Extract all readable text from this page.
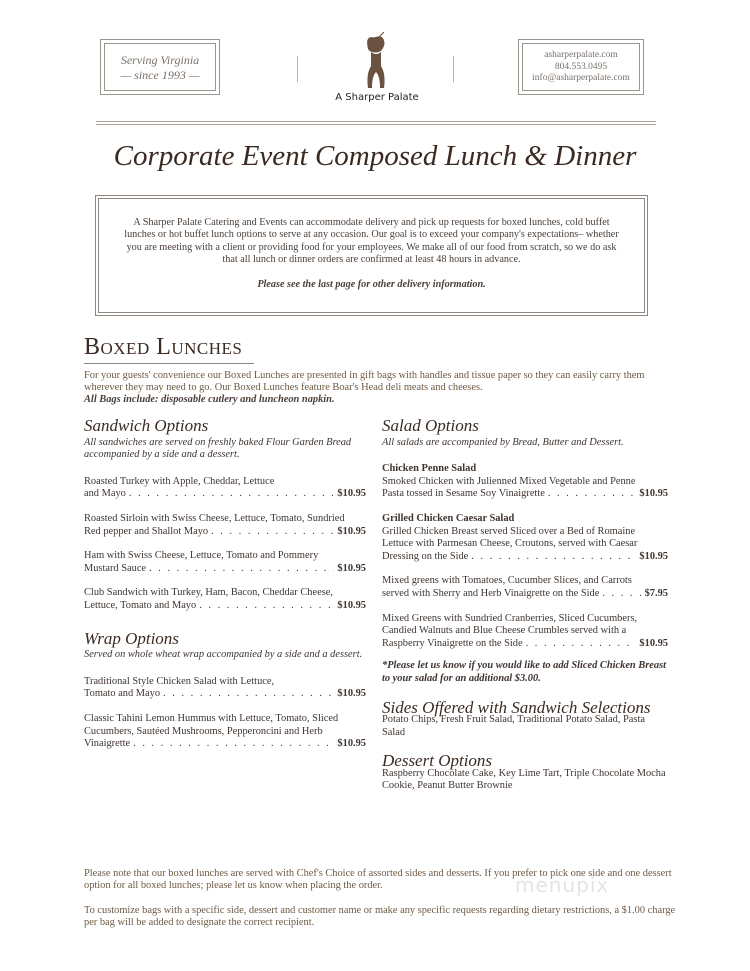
Serving Virginia
— since 1993 —
A Sharper Palate
asharperpalate.com
804.553.0495
info@asharperpalate.com
Corporate Event Composed Lunch & Dinner
A Sharper Palate Catering and Events can accommodate delivery and pick up requests for boxed lunches, cold buffet lunches or hot buffet lunch options to serve at any occasion. Our goal is to exceed your company's expectations– whether you are meeting with a client or providing food for your employees. We make all of our food from scratch, so we do ask that all lunch or dinner orders are confirmed at least 48 hours in advance.
Please see the last page for other delivery information.
Boxed Lunches
For your guests' convenience our Boxed Lunches are presented in gift bags with handles and tissue paper so they can easily carry them wherever they may need to go. Our Boxed Lunches feature Boar's Head deli meats and cheeses.
All Bags include: disposable cutlery and luncheon napkin.
Sandwich Options
All sandwiches are served on freshly baked Flour Garden Bread accompanied by a side and a dessert.
Roasted Turkey with Apple, Cheddar, Lettuce
and Mayo . . .	$10.95
Roasted Sirloin with Swiss Cheese, Lettuce, Tomato, Sundried
Red pepper and Shallot Mayo . . .	$10.95
Ham with Swiss Cheese, Lettuce, Tomato and Pommery
Mustard Sauce . . .	$10.95
Club Sandwich with Turkey, Ham, Bacon, Cheddar Cheese,
Lettuce, Tomato and Mayo . . .	$10.95
Wrap Options
Served on whole wheat wrap accompanied by a side and a dessert.
Traditional Style Chicken Salad with Lettuce,
Tomato and Mayo . . .	$10.95
Classic Tahini Lemon Hummus with Lettuce, Tomato, Sliced Cucumbers, Sautéed Mushrooms, Pepperoncini and Herb
Vinaigrette . . .	$10.95
Salad Options
All salads are accompanied by Bread, Butter and Dessert.
Chicken Penne Salad
Smoked Chicken with Julienned Mixed Vegetable and Penne
Pasta tossed in Sesame Soy Vinaigrette . . .	$10.95
Grilled Chicken Caesar Salad
Grilled Chicken Breast served Sliced over a Bed of Romaine Lettuce with Parmesan Cheese, Croutons, served with Caesar
Dressing on the Side . . .	$10.95
Mixed greens with Tomatoes, Cucumber Slices, and Carrots
served with Sherry and Herb Vinaigrette on the Side . . .	$7.95
Mixed Greens with Sundried Cranberries, Sliced Cucumbers, Candied Walnuts and Blue Cheese Crumbles served with a
Raspberry Vinaigrette on the Side . . .	$10.95
*Please let us know if you would like to add Sliced Chicken Breast to your salad for an additional $3.00.
Sides Offered with Sandwich Selections
Potato Chips, Fresh Fruit Salad, Traditional Potato Salad, Pasta Salad
Dessert Options
Raspberry Chocolate Cake, Key Lime Tart, Triple Chocolate Mocha Cookie, Peanut Butter Brownie
Please note that our boxed lunches are served with Chef's Choice of assorted sides and desserts. If you prefer to pick one side and one dessert option for all boxed lunches; please let us know when placing the order.
To customize bags with a specific side, dessert and customer name or make any specific requests regarding dietary restrictions, a $1.00 charge per bag will be added to designate the correct recipient.
menupix
